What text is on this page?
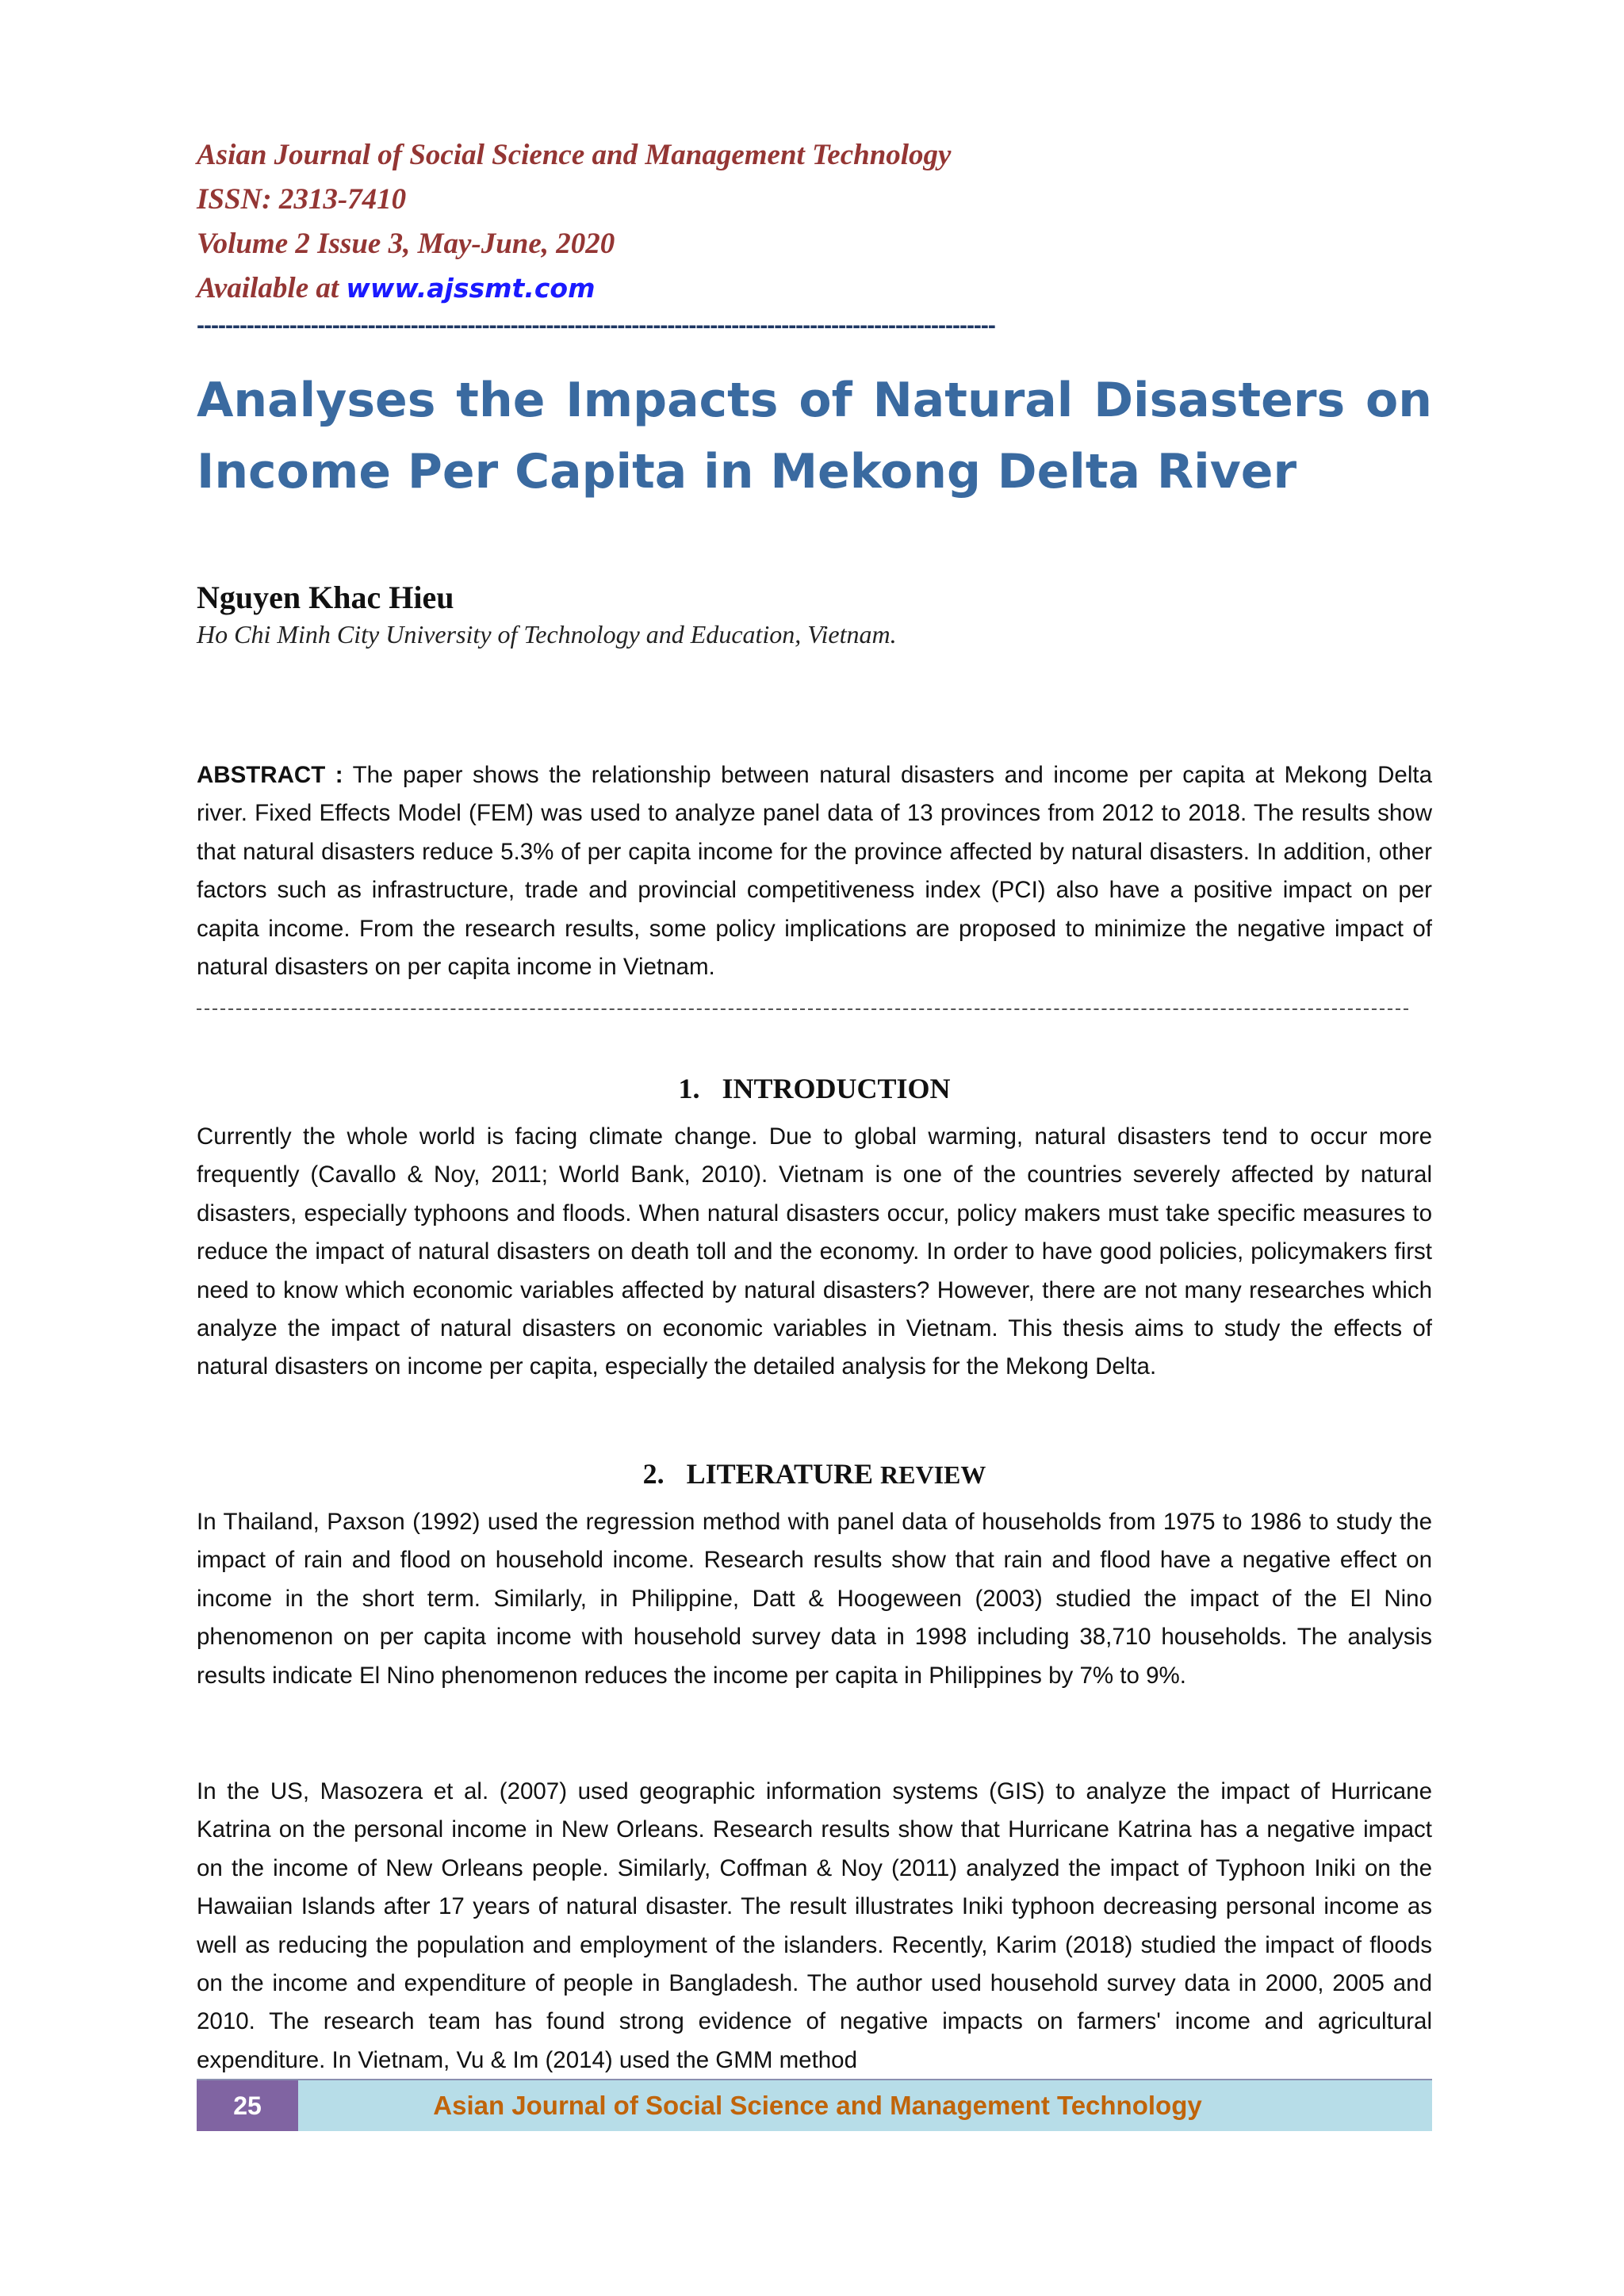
Asian Journal of Social Science and Management Technology
ISSN: 2313-7410
Volume 2 Issue 3, May-June, 2020
Available at www.ajssmt.com
----------------------------------------------------------------------------------------------------------------
Analyses the Impacts of Natural Disasters on
Income Per Capita in Mekong Delta River
Nguyen Khac Hieu
Ho Chi Minh City University of Technology and Education, Vietnam.
ABSTRACT : The paper shows the relationship between natural disasters and income per capita at Mekong Delta river. Fixed Effects Model (FEM) was used to analyze panel data of 13 provinces from 2012 to 2018. The results show that natural disasters reduce 5.3% of per capita income for the province affected by natural disasters. In addition, other factors such as infrastructure, trade and provincial competitiveness index (PCI) also have a positive impact on per capita income. From the research results, some policy implications are proposed to minimize the negative impact of natural disasters on per capita income in Vietnam.
1. INTRODUCTION
Currently the whole world is facing climate change. Due to global warming, natural disasters tend to occur more frequently (Cavallo & Noy, 2011; World Bank, 2010). Vietnam is one of the countries severely affected by natural disasters, especially typhoons and floods. When natural disasters occur, policy makers must take specific measures to reduce the impact of natural disasters on death toll and the economy. In order to have good policies, policymakers first need to know which economic variables affected by natural disasters? However, there are not many researches which analyze the impact of natural disasters on economic variables in Vietnam. This thesis aims to study the effects of natural disasters on income per capita, especially the detailed analysis for the Mekong Delta.
2. LITERATURE REVIEW
In Thailand, Paxson (1992) used the regression method with panel data of households from 1975 to 1986 to study the impact of rain and flood on household income. Research results show that rain and flood have a negative effect on income in the short term. Similarly, in Philippine, Datt & Hoogeween (2003) studied the impact of the El Nino phenomenon on per capita income with household survey data in 1998 including 38,710 households. The analysis results indicate El Nino phenomenon reduces the income per capita in Philippines by 7% to 9%.
In the US, Masozera et al. (2007) used geographic information systems (GIS) to analyze the impact of Hurricane Katrina on the personal income in New Orleans. Research results show that Hurricane Katrina has a negative impact on the income of New Orleans people. Similarly, Coffman & Noy (2011) analyzed the impact of Typhoon Iniki on the Hawaiian Islands after 17 years of natural disaster. The result illustrates Iniki typhoon decreasing personal income as well as reducing the population and employment of the islanders. Recently, Karim (2018) studied the impact of floods on the income and expenditure of people in Bangladesh. The author used household survey data in 2000, 2005 and 2010. The research team has found strong evidence of negative impacts on farmers' income and agricultural expenditure. In Vietnam, Vu & Im (2014) used the GMM method
25	Asian Journal of Social Science and Management Technology
